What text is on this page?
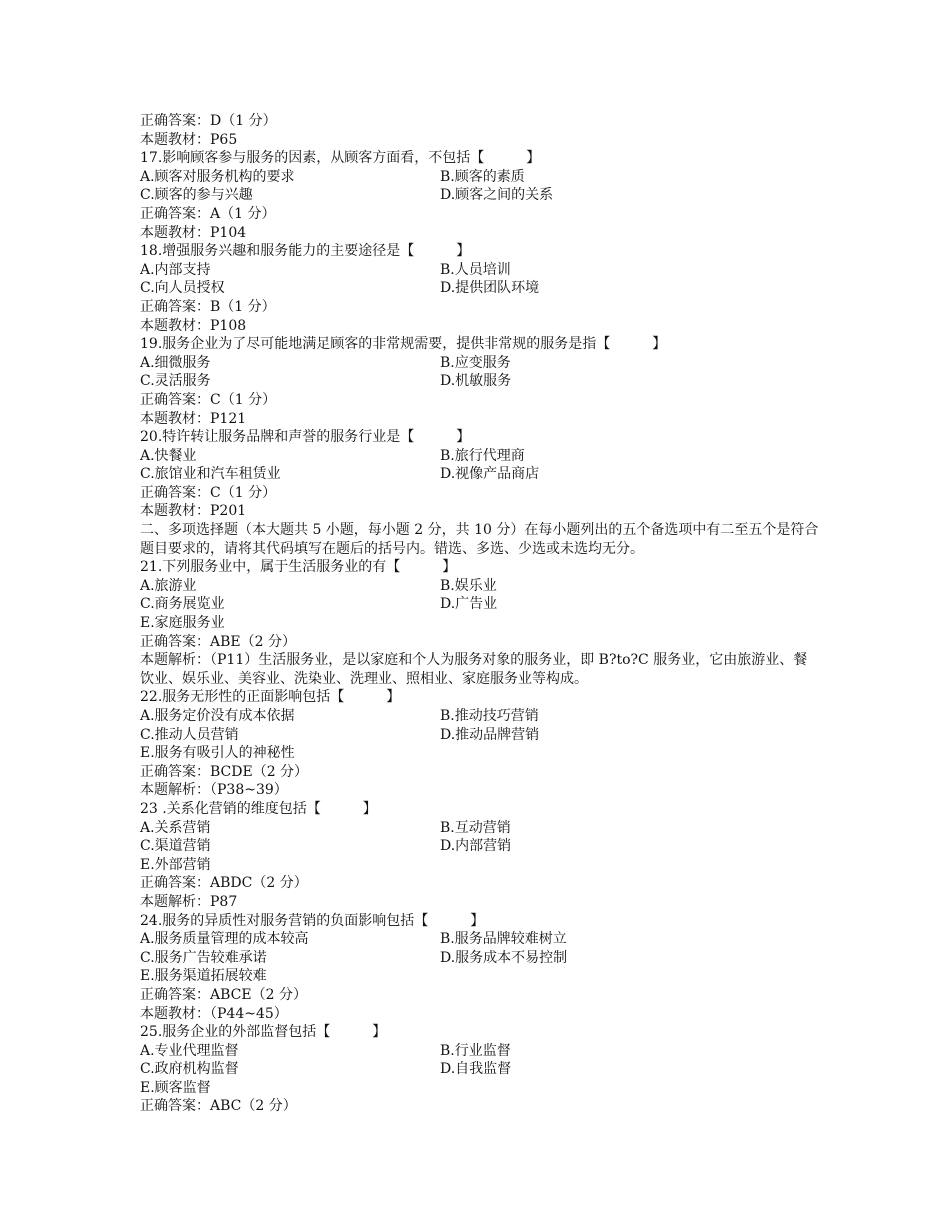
正确答案：D（1 分）
本题教材：P65
17.影响顾客参与服务的因素，从顾客方面看，不包括【　　　】
A.顾客对服务机构的要求	B.顾客的素质
C.顾客的参与兴趣	D.顾客之间的关系
正确答案：A（1 分）
本题教材：P104
18.增强服务兴趣和服务能力的主要途径是【　　　】
A.内部支持	B.人员培训
C.向人员授权	D.提供团队环境
正确答案：B（1 分）
本题教材：P108
19.服务企业为了尽可能地满足顾客的非常规需要，提供非常规的服务是指【　　　】
A.细微服务	B.应变服务
C.灵活服务	D.机敏服务
正确答案：C（1 分）
本题教材：P121
20.特许转让服务品牌和声誉的服务行业是【　　　】
A.快餐业	B.旅行代理商
C.旅馆业和汽车租赁业	D.视像产品商店
正确答案：C（1 分）
本题教材：P201
二、多项选择题（本大题共 5 小题，每小题 2 分，共 10 分）在每小题列出的五个备选项中有二至五个是符合题目要求的，请将其代码填写在题后的括号内。错选、多选、少选或未选均无分。
21.下列服务业中，属于生活服务业的有【　　　】
A.旅游业	B.娱乐业
C.商务展览业	D.广告业
E.家庭服务业
正确答案：ABE（2 分）
本题解析：（P11）生活服务业，是以家庭和个人为服务对象的服务业，即 B?to?C 服务业，它由旅游业、餐饮业、娱乐业、美容业、洗染业、洗理业、照相业、家庭服务业等构成。
22.服务无形性的正面影响包括【　　　】
A.服务定价没有成本依据	B.推动技巧营销
C.推动人员营销	D.推动品牌营销
E.服务有吸引人的神秘性
正确答案：BCDE（2 分）
本题解析：（P38~39）
23 .关系化营销的维度包括【　　　】
A.关系营销	B.互动营销
C.渠道营销	D.内部营销
E.外部营销
正确答案：ABDC（2 分）
本题解析：P87
24.服务的异质性对服务营销的负面影响包括【　　　】
A.服务质量管理的成本较高	B.服务品牌较难树立
C.服务广告较难承诺	D.服务成本不易控制
E.服务渠道拓展较难
正确答案：ABCE（2 分）
本题教材：（P44~45）
25.服务企业的外部监督包括【　　　】
A.专业代理监督	B.行业监督
C.政府机构监督	D.自我监督
E.顾客监督
正确答案：ABC（2 分）
